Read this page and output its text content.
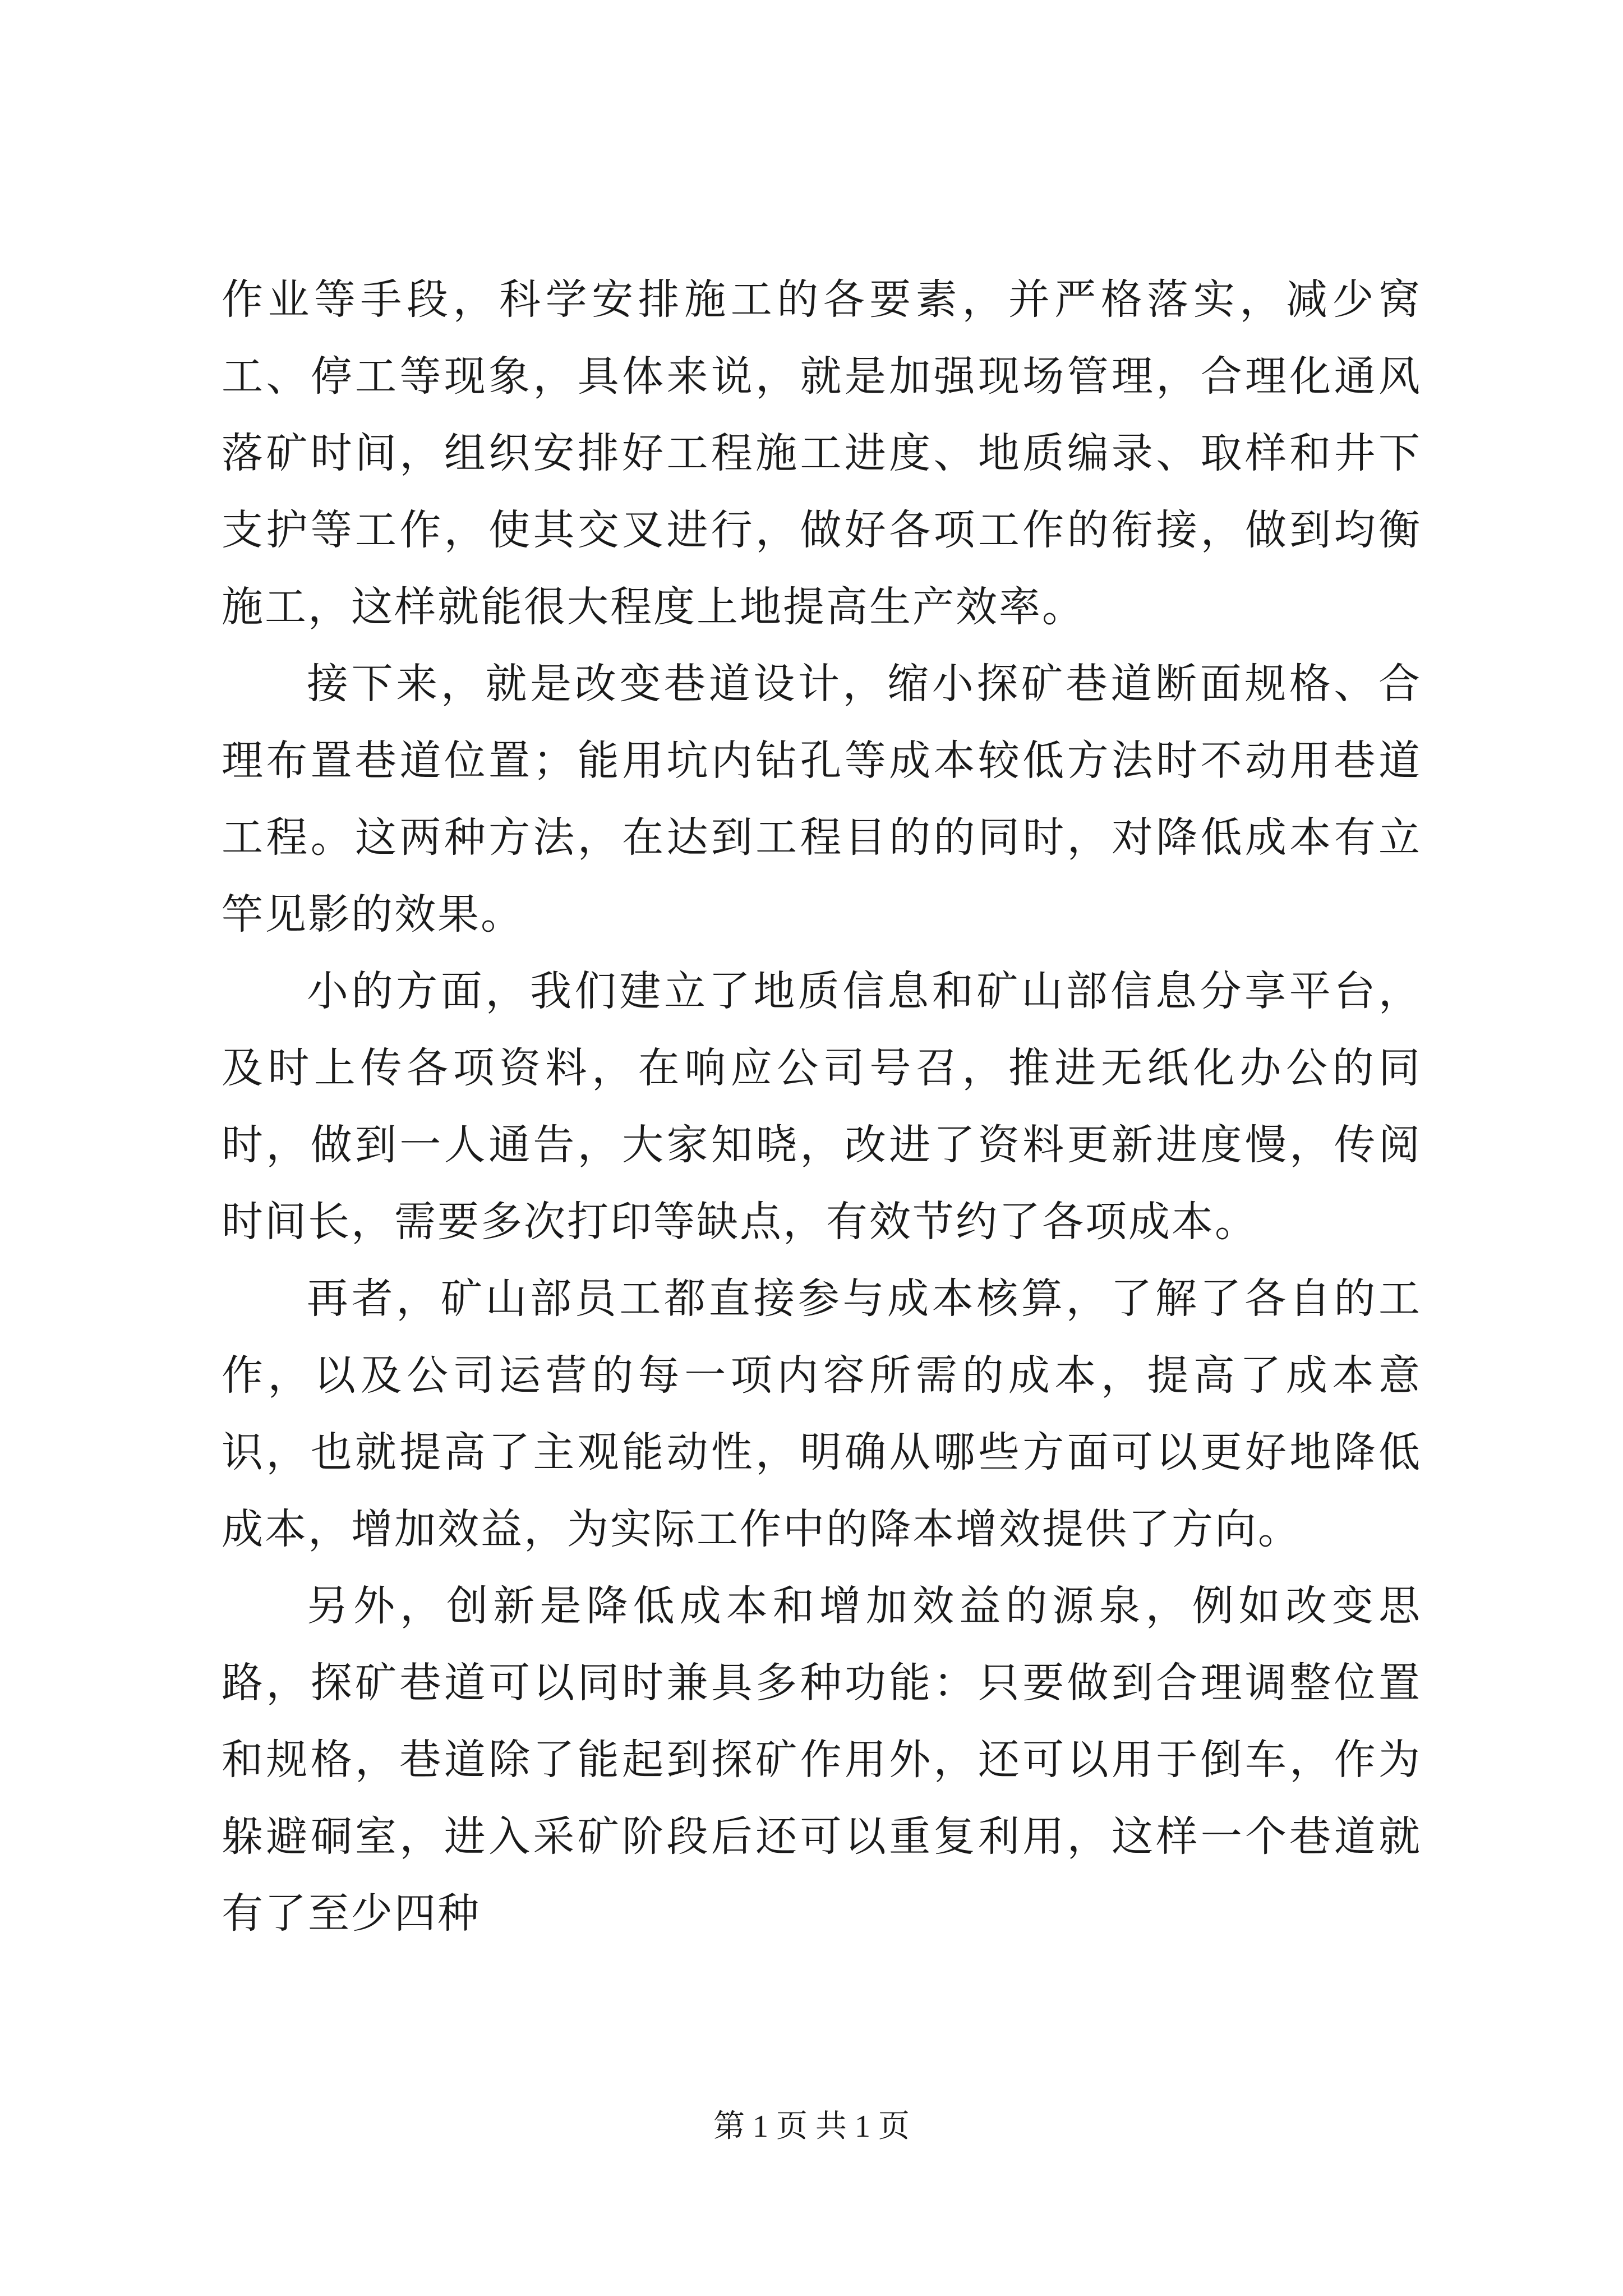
作业等手段，科学安排施工的各要素，并严格落实，减少窝工、停工等现象，具体来说，就是加强现场管理，合理化通风落矿时间，组织安排好工程施工进度、地质编录、取样和井下支护等工作，使其交叉进行，做好各项工作的衔接，做到均衡施工，这样就能很大程度上地提高生产效率。

接下来，就是改变巷道设计，缩小探矿巷道断面规格、合理布置巷道位置；能用坑内钻孔等成本较低方法时不动用巷道工程。这两种方法，在达到工程目的的同时，对降低成本有立竿见影的效果。

小的方面，我们建立了地质信息和矿山部信息分享平台，及时上传各项资料，在响应公司号召，推进无纸化办公的同时，做到一人通告，大家知晓，改进了资料更新进度慢，传阅时间长，需要多次打印等缺点，有效节约了各项成本。

再者，矿山部员工都直接参与成本核算，了解了各自的工作，以及公司运营的每一项内容所需的成本，提高了成本意识，也就提高了主观能动性，明确从哪些方面可以更好地降低成本，增加效益，为实际工作中的降本增效提供了方向。

另外，创新是降低成本和增加效益的源泉，例如改变思路，探矿巷道可以同时兼具多种功能：只要做到合理调整位置和规格，巷道除了能起到探矿作用外，还可以用于倒车，作为躲避硐室，进入采矿阶段后还可以重复利用，这样一个巷道就有了至少四种

第 1 页 共 1 页
